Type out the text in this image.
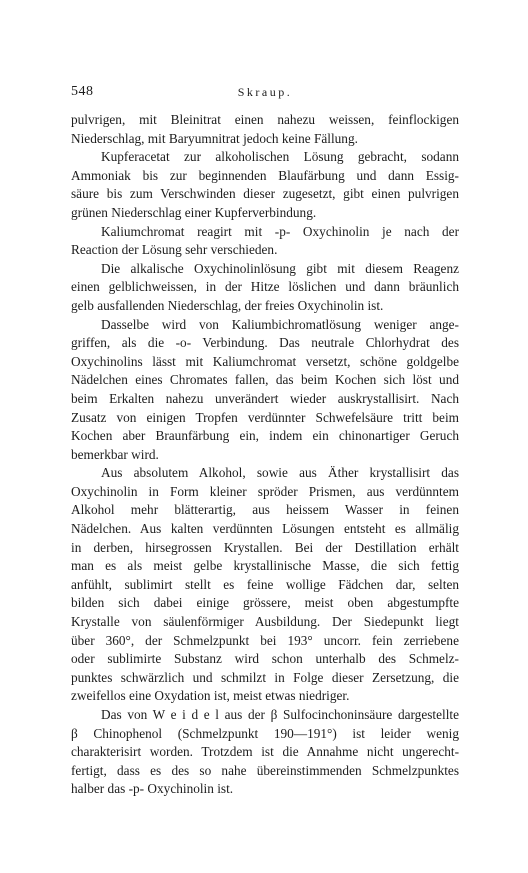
548	Skraup.
pulvrigen, mit Bleinitrat einen nahezu weissen, feinflockigen
Niederschlag, mit Baryumnitrat jedoch keine Fällung.
Kupferacetat zur alkoholischen Lösung gebracht, sodann
Ammoniak bis zur beginnenden Blaufärbung und dann Essig-
säure bis zum Verschwinden dieser zugesetzt, gibt einen pulvrigen
grünen Niederschlag einer Kupferverbindung.
Kaliumchromat reagirt mit -p- Oxychinolin je nach der
Reaction der Lösung sehr verschieden.
Die alkalische Oxychinolinlösung gibt mit diesem Reagenz
einen gelblichweissen, in der Hitze löslichen und dann bräunlich
gelb ausfallenden Niederschlag, der freies Oxychinolin ist.
Dasselbe wird von Kaliumbichromatlösung weniger ange-
griffen, als die -o- Verbindung. Das neutrale Chlorhydrat des
Oxychinolins lässt mit Kaliumchromat versetzt, schöne goldgelbe
Nädelchen eines Chromates fallen, das beim Kochen sich löst und
beim Erkalten nahezu unverändert wieder auskrystallisirt. Nach
Zusatz von einigen Tropfen verdünnter Schwefelsäure tritt beim
Kochen aber Braunfärbung ein, indem ein chinonartiger Geruch
bemerkbar wird.
Aus absolutem Alkohol, sowie aus Äther krystallisirt das
Oxychinolin in Form kleiner spröder Prismen, aus verdünntem
Alkohol mehr blätterartig, aus heissem Wasser in feinen
Nädelchen. Aus kalten verdünnten Lösungen entsteht es allmälig
in derben, hirsegrossen Krystallen. Bei der Destillation erhält
man es als meist gelbe krystallinische Masse, die sich fettig
anfühlt, sublimirt stellt es feine wollige Fädchen dar, selten
bilden sich dabei einige grössere, meist oben abgestumpfte
Krystalle von säulenförmiger Ausbildung. Der Siedepunkt liegt
über 360°, der Schmelzpunkt bei 193° uncorr. fein zerriebene
oder sublimirte Substanz wird schon unterhalb des Schmelz-
punktes schwärzlich und schmilzt in Folge dieser Zersetzung, die
zweifellos eine Oxydation ist, meist etwas niedriger.
Das von W e i d e l aus der β Sulfocinchoninsäure dargestellte
β Chinophenol (Schmelzpunkt 190—191°) ist leider wenig
charakterisirt worden. Trotzdem ist die Annahme nicht ungerecht-
fertigt, dass es des so nahe übereinstimmenden Schmelzpunktes
halber das -p- Oxychinolin ist.
